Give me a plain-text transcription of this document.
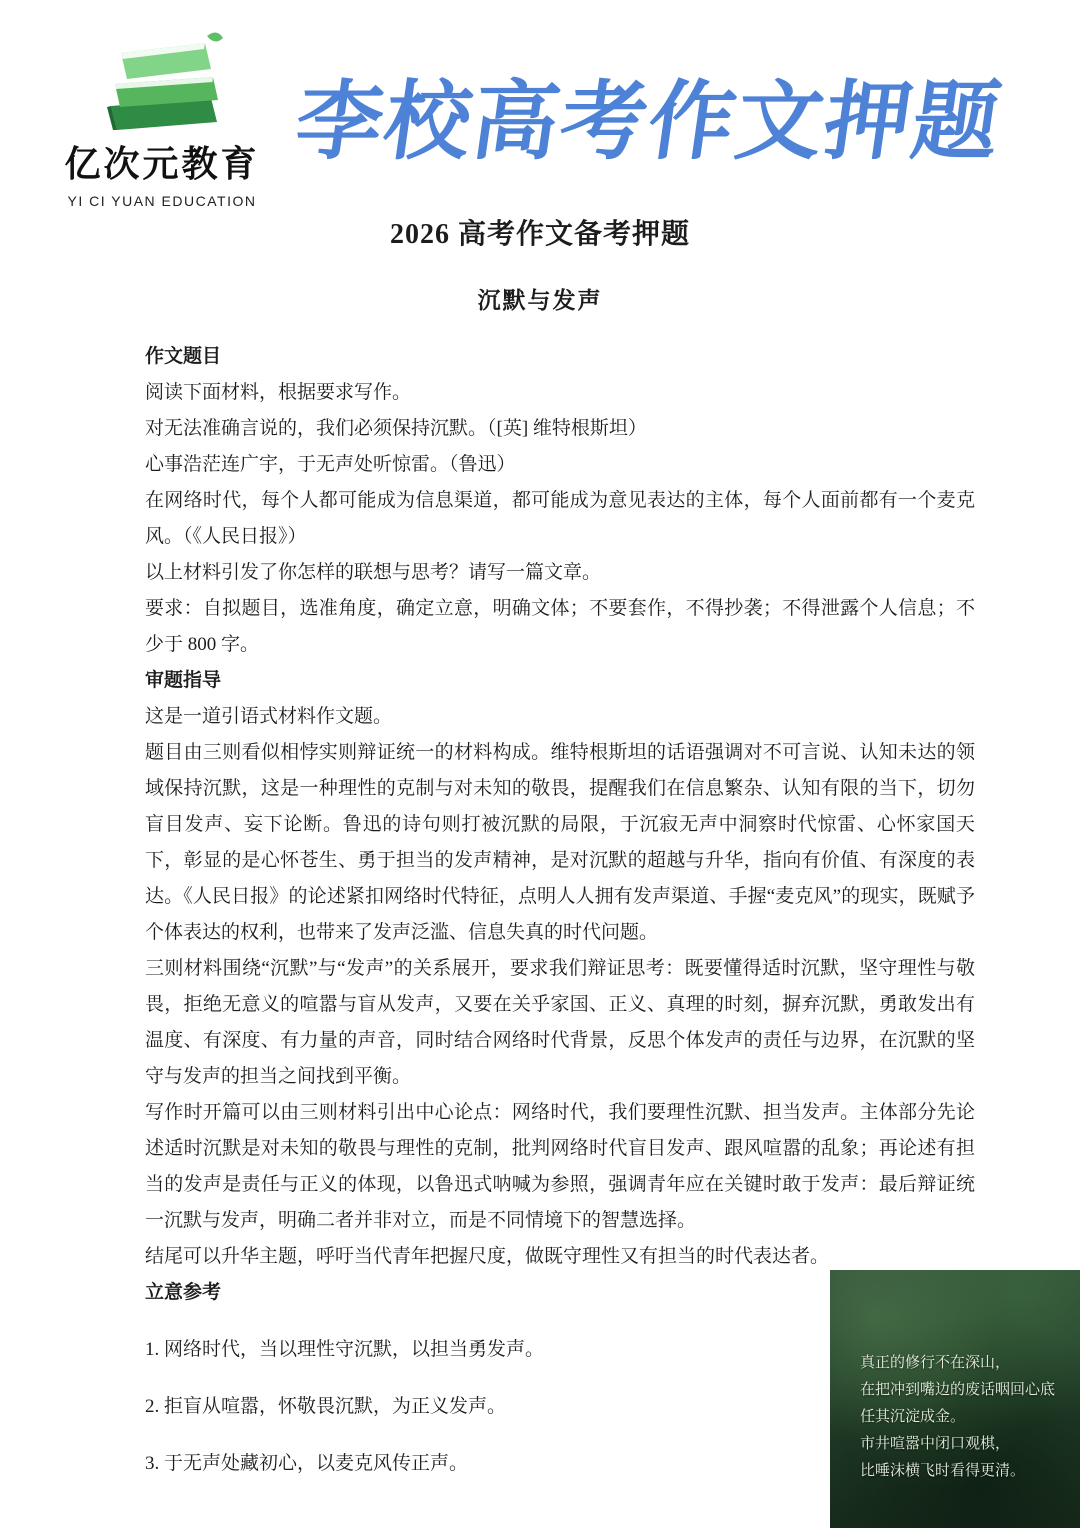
亿次元教育
YI CI YUAN EDUCATION
李校高考作文押题
2026 高考作文备考押题
沉默与发声
作文题目

阅读下面材料，根据要求写作。

对无法准确言说的，我们必须保持沉默。（[英] 维特根斯坦）

心事浩茫连广宇，于无声处听惊雷。（鲁迅）

在网络时代，每个人都可能成为信息渠道，都可能成为意见表达的主体，每个人面前都有一个麦克风。（《人民日报》）

以上材料引发了你怎样的联想与思考？请写一篇文章。

要求：自拟题目，选准角度，确定立意，明确文体；不要套作，不得抄袭；不得泄露个人信息；不少于 800 字。

审题指导

这是一道引语式材料作文题。

题目由三则看似相悖实则辩证统一的材料构成。维特根斯坦的话语强调对不可言说、认知未达的领域保持沉默，这是一种理性的克制与对未知的敬畏，提醒我们在信息繁杂、认知有限的当下，切勿盲目发声、妄下论断。鲁迅的诗句则打被沉默的局限，于沉寂无声中洞察时代惊雷、心怀家国天下，彰显的是心怀苍生、勇于担当的发声精神，是对沉默的超越与升华，指向有价值、有深度的表达。《人民日报》的论述紧扣网络时代特征，点明人人拥有发声渠道、手握“麦克风”的现实，既赋予个体表达的权利，也带来了发声泛滥、信息失真的时代问题。

三则材料围绕“沉默”与“发声”的关系展开，要求我们辩证思考：既要懂得适时沉默，坚守理性与敬畏，拒绝无意义的喧嚣与盲从发声，又要在关乎家国、正义、真理的时刻，摒弃沉默，勇敢发出有温度、有深度、有力量的声音，同时结合网络时代背景，反思个体发声的责任与边界，在沉默的坚守与发声的担当之间找到平衡。

写作时开篇可以由三则材料引出中心论点：网络时代，我们要理性沉默、担当发声。主体部分先论述适时沉默是对未知的敬畏与理性的克制，批判网络时代盲目发声、跟风喧嚣的乱象；再论述有担当的发声是责任与正义的体现，以鲁迅式呐喊为参照，强调青年应在关键时敢于发声：最后辩证统一沉默与发声，明确二者并非对立，而是不同情境下的智慧选择。

结尾可以升华主题，呼吁当代青年把握尺度，做既守理性又有担当的时代表达者。

立意参考

1. 网络时代，当以理性守沉默，以担当勇发声。

2. 拒盲从喧嚣，怀敬畏沉默，为正义发声。

3. 于无声处藏初心，以麦克风传正声。

真正的修行不在深山，

在把冲到嘴边的废话咽回心底

任其沉淀成金。

市井喧嚣中闭口观棋，

比唾沫横飞时看得更清。
